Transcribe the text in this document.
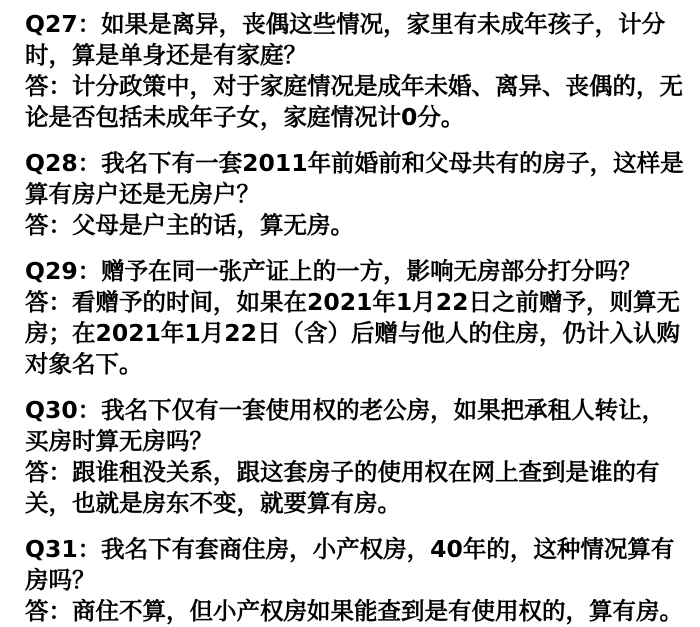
Q27：如果是离异，丧偶这些情况，家里有未成年孩子，计分时，算是单身还是有家庭？

答：计分政策中，对于家庭情况是成年未婚、离异、丧偶的，无论是否包括未成年子女，家庭情况计0分。

Q28：我名下有一套2011年前婚前和父母共有的房子，这样是算有房户还是无房户？

答：父母是户主的话，算无房。

Q29：赠予在同一张产证上的一方，影响无房部分打分吗？

答：看赠予的时间，如果在2021年1月22日之前赠予，则算无房；在2021年1月22日（含）后赠与他人的住房，仍计入认购对象名下。

Q30：我名下仅有一套使用权的老公房，如果把承租人转让，买房时算无房吗？

答：跟谁租没关系，跟这套房子的使用权在网上查到是谁的有关，也就是房东不变，就要算有房。

Q31：我名下有套商住房，小产权房，40年的，这种情况算有房吗？

答：商住不算，但小产权房如果能查到是有使用权的，算有房。
